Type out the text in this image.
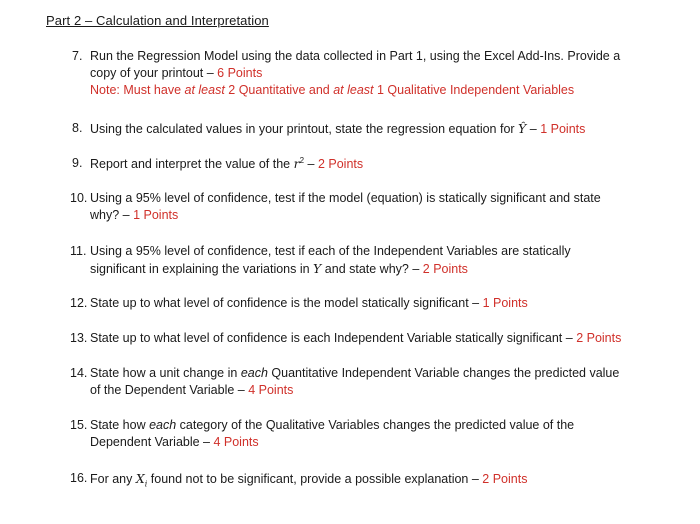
Part 2 – Calculation and Interpretation
7. Run the Regression Model using the data collected in Part 1, using the Excel Add-Ins. Provide a
copy of your printout – 6 Points
Note: Must have at least 2 Quantitative and at least 1 Qualitative Independent Variables
8. Using the calculated values in your printout, state the regression equation for Ŷ – 1 Points
9. Report and interpret the value of the $r^2 - 2$ Points
10. Using a 95% level of confidence, test if the model (equation) is statically significant and state
why? – 1 Points
11. Using a 95% level of confidence, test if each of the Independent Variables are statically
significant in explaining the variations in Y and state why? – 2 Points
12. State up to what level of confidence is the model statically significant – 1 Points
13. State up to what level of confidence is each Independent Variable statically significant – 2 Points
14. State how a unit change in each Quantitative Independent Variable changes the predicted value
of the Dependent Variable – 4 Points
15. State how each category of the Qualitative Variables changes the predicted value of the
Dependent Variable – 4 Points
16. For any $X_i$ found not to be significant, provide a possible explanation – 2 Points
